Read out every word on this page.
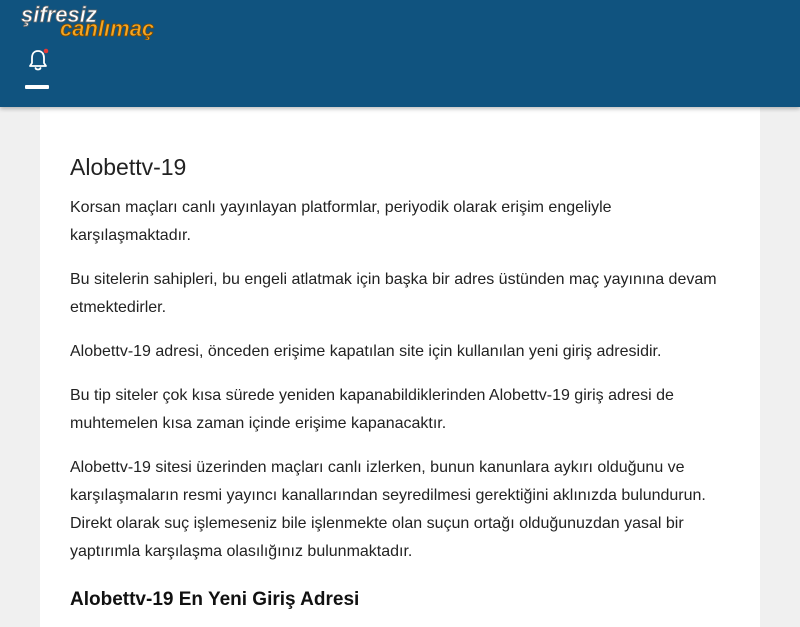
şifresiz
canlımaç
Alobettv-19

Korsan maçları canlı yayınlayan platformlar, periyodik olarak erişim engeliyle karşılaşmaktadır.

Bu sitelerin sahipleri, bu engeli atlatmak için başka bir adres üstünden maç yayınına devam etmektedirler.

Alobettv-19 adresi, önceden erişime kapatılan site için kullanılan yeni giriş adresidir.

Bu tip siteler çok kısa sürede yeniden kapanabildiklerinden Alobettv-19 giriş adresi de muhtemelen kısa zaman içinde erişime kapanacaktır.

Alobettv-19 sitesi üzerinden maçları canlı izlerken, bunun kanunlara aykırı olduğunu ve karşılaşmaların resmi yayıncı kanallarından seyredilmesi gerektiğini aklınızda bulundurun. Direkt olarak suç işlemeseniz bile işlenmekte olan suçun ortağı olduğunuzdan yasal bir yaptırımla karşılaşma olasılığınız bulunmaktadır.

Alobettv-19 En Yeni Giriş Adresi
